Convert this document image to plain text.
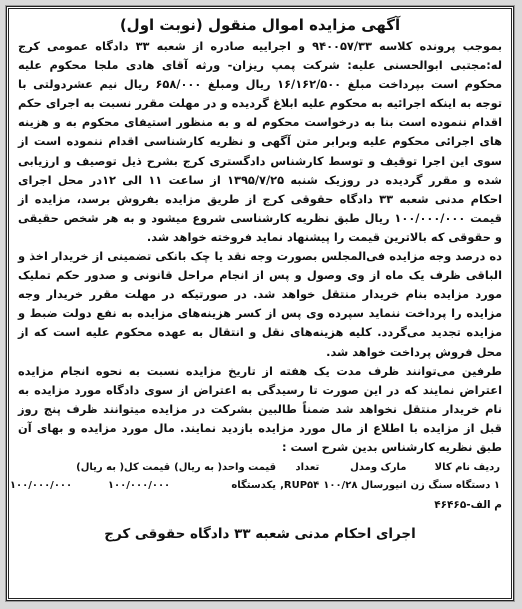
آگهی مزایده اموال منقول (نوبت اول)

بموجب پرونده کلاسه ۹۴۰۰۵۷/۳۳ و اجراییه صادره از شعبه ۳۳ دادگاه عمومی کرج له:مجتبی ابوالحسنی علیه: شرکت پمپ ریزان- ورثه آقای هادی ملجا محکوم علیه محکوم است بپرداخت مبلغ ۱۶/۱۶۲/۵۰۰ ریال ومبلغ ۶۵۸/۰۰۰ ریال نیم عشردولتی با توجه به اینکه اجرائیه به محکوم علیه ابلاغ گردیده و در مهلت مقرر نسبت به اجرای حکم اقدام ننموده است بنا به درخواست محکوم له و به منظور استیفای محکوم به و هزینه های اجرائی محکوم علیه وبرابر متن آگهی و نظریه کارشناسی اقدام ننموده است از سوی این اجرا توقیف و توسط کارشناس دادگستری کرج بشرح ذیل توصیف و ارزیابی شده و مقرر گردیده در روزیک شنبه ۱۳۹۵/۷/۲۵ از ساعت ۱۱ الی ۱۲در محل اجرای احکام مدنی شعبه ۳۳ دادگاه حقوقی کرج از طریق مزایده بفروش برسد، مزایده از قیمت ۱۰۰/۰۰۰/۰۰۰ ریال طبق نظریه کارشناسی شروع میشود و به هر شخص حقیقی و حقوقی که بالاترین قیمت را پیشنهاد نماید فروخته خواهد شد.

ده درصد وجه مزایده فی‌المجلس بصورت وجه نقد یا چک بانکی تضمینی از خریدار اخذ و الباقی ظرف یک ماه از وی وصول و پس از انجام مراحل قانونی و صدور حکم تملیک مورد مزایده بنام خریدار منتقل خواهد شد. در صورتیکه در مهلت مقرر خریدار وجه مزایده را پرداخت ننماید سپرده وی پس از کسر هزینه‌های مزایده به نفع دولت ضبط و مزایده تجدید می‌گردد. کلیه هزینه‌های نقل و انتقال به عهده محکوم علیه است که از محل فروش پرداخت خواهد شد.

طرفین می‌توانند ظرف مدت یک هفته از تاریخ مزایده نسبت به نحوه انجام مزایده اعتراض نمایند که در این صورت تا رسیدگی به اعتراض از سوی دادگاه مورد مزایده به نام خریدار منتقل نخواهد شد ضمناً طالبین بشرکت در مزایده میتوانند ظرف پنج روز قبل از مزایده با اطلاع از مال مورد مزایده بازدید نمایند. مال مورد مزایده و بهای آن طبق نظریه کارشناس بدین شرح است :

ردیف نام کالا	مارک ومدل	تعداد	قیمت واحد( به ریال)	قیمت کل( به ریال)	
۱ دستگاه سنگ زن	انیورسال ۱۰۰/۲۸	RUP۵۴,	یکدستگاه	۱۰۰/۰۰۰/۰۰۰	۱۰۰/۰۰۰/۰۰۰
م الف-۴۶۴۶۵
اجرای احکام مدنی شعبه ۳۳ دادگاه حقوقی کرج
